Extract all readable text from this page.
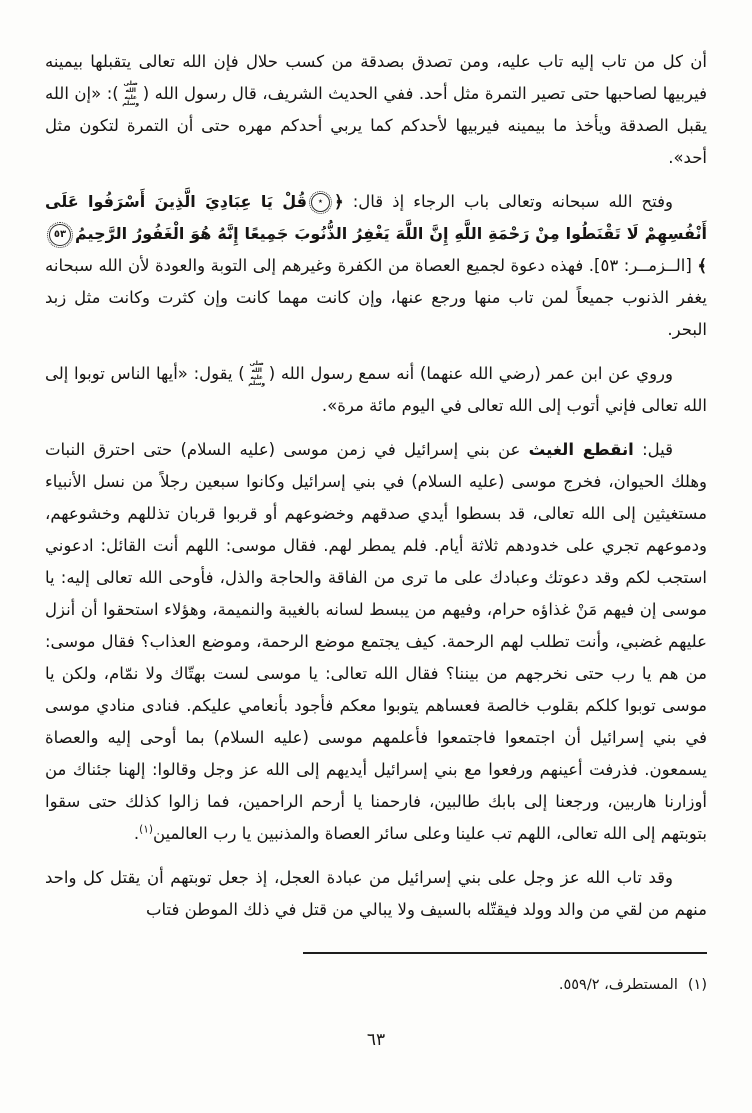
أن كل من تاب إليه تاب عليه، ومن تصدق بصدقة من كسب حلال فإن الله تعالى يتقبلها بيمينه فيربيها لصاحبها حتى تصير التمرة مثل أحد. ففي الحديث الشريف، قال رسول الله (صلى الله عليه وسلم): «إن الله يقبل الصدقة ويأخذ ما بيمينه فيربيها لأحدكم كما يربي أحدكم مهره حتى أن التمرة لتكون مثل أحد».

وفتح الله سبحانه وتعالى باب الرجاء إذ قال: ﴿٭قُلْ يَا عِبَادِيَ الَّذِينَ أَسْرَفُوا عَلَى أَنْفُسِهِمْ لَا تَقْنَطُوا مِنْ رَحْمَةِ اللَّهِ إِنَّ اللَّهَ يَغْفِرُ الذُّنُوبَ جَمِيعًا إِنَّهُ هُوَ الْغَفُورُ الرَّحِيمُ٥٣﴾ [الــزمــر: ٥٣]. فهذه دعوة لجميع العصاة من الكفرة وغيرهم إلى التوبة والعودة لأن الله سبحانه يغفر الذنوب جميعاً لمن تاب منها ورجع عنها، وإن كانت مهما كانت وإن كثرت وكانت مثل زبد البحر.

وروي عن ابن عمر (رضي الله عنهما) أنه سمع رسول الله (صلى الله عليه وسلم) يقول: «أيها الناس توبوا إلى الله تعالى فإني أتوب إلى الله تعالى في اليوم مائة مرة».

قيل: انقطع الغيث عن بني إسرائيل في زمن موسى (عليه السلام) حتى احترق النبات وهلك الحيوان، فخرج موسى (عليه السلام) في بني إسرائيل وكانوا سبعين رجلاً من نسل الأنبياء مستغيثين إلى الله تعالى، قد بسطوا أيدي صدقهم وخضوعهم أو قربوا قربان تذللهم وخشوعهم، ودموعهم تجري على خدودهم ثلاثة أيام. فلم يمطر لهم. فقال موسى: اللهم أنت القائل: ادعوني استجب لكم وقد دعوتك وعبادك على ما ترى من الفاقة والحاجة والذل، فأوحى الله تعالى إليه: يا موسى إن فيهم مَنْ غذاؤه حرام، وفيهم من يبسط لسانه بالغيبة والنميمة، وهؤلاء استحقوا أن أنزل عليهم غضبي، وأنت تطلب لهم الرحمة. كيف يجتمع موضع الرحمة، وموضع العذاب؟ فقال موسى: من هم يا رب حتى نخرجهم من بيننا؟ فقال الله تعالى: يا موسى لست بهتّاك ولا نمّام، ولكن يا موسى توبوا كلكم بقلوب خالصة فعساهم يتوبوا معكم فأجود بأنعامي عليكم. فنادى منادي موسى في بني إسرائيل أن اجتمعوا فاجتمعوا فأعلمهم موسى (عليه السلام) بما أوحى إليه والعصاة يسمعون. فذرفت أعينهم ورفعوا مع بني إسرائيل أيديهم إلى الله عز وجل وقالوا: إلهنا جئناك من أوزارنا هاربين، ورجعنا إلى بابك طالبين، فارحمنا يا أرحم الراحمين، فما زالوا كذلك حتى سقوا بتوبتهم إلى الله تعالى، اللهم تب علينا وعلى سائر العصاة والمذنبين يا رب العالمين$^{(١)}$.

وقد تاب الله عز وجل على بني إسرائيل من عبادة العجل، إذ جعل توبتهم أن يقتل كل واحد منهم من لقي من والد وولد فيقتّله بالسيف ولا يبالي من قتل في ذلك الموطن فتاب

(١)المستطرف، ٥٥٩/٢.
٦٣
